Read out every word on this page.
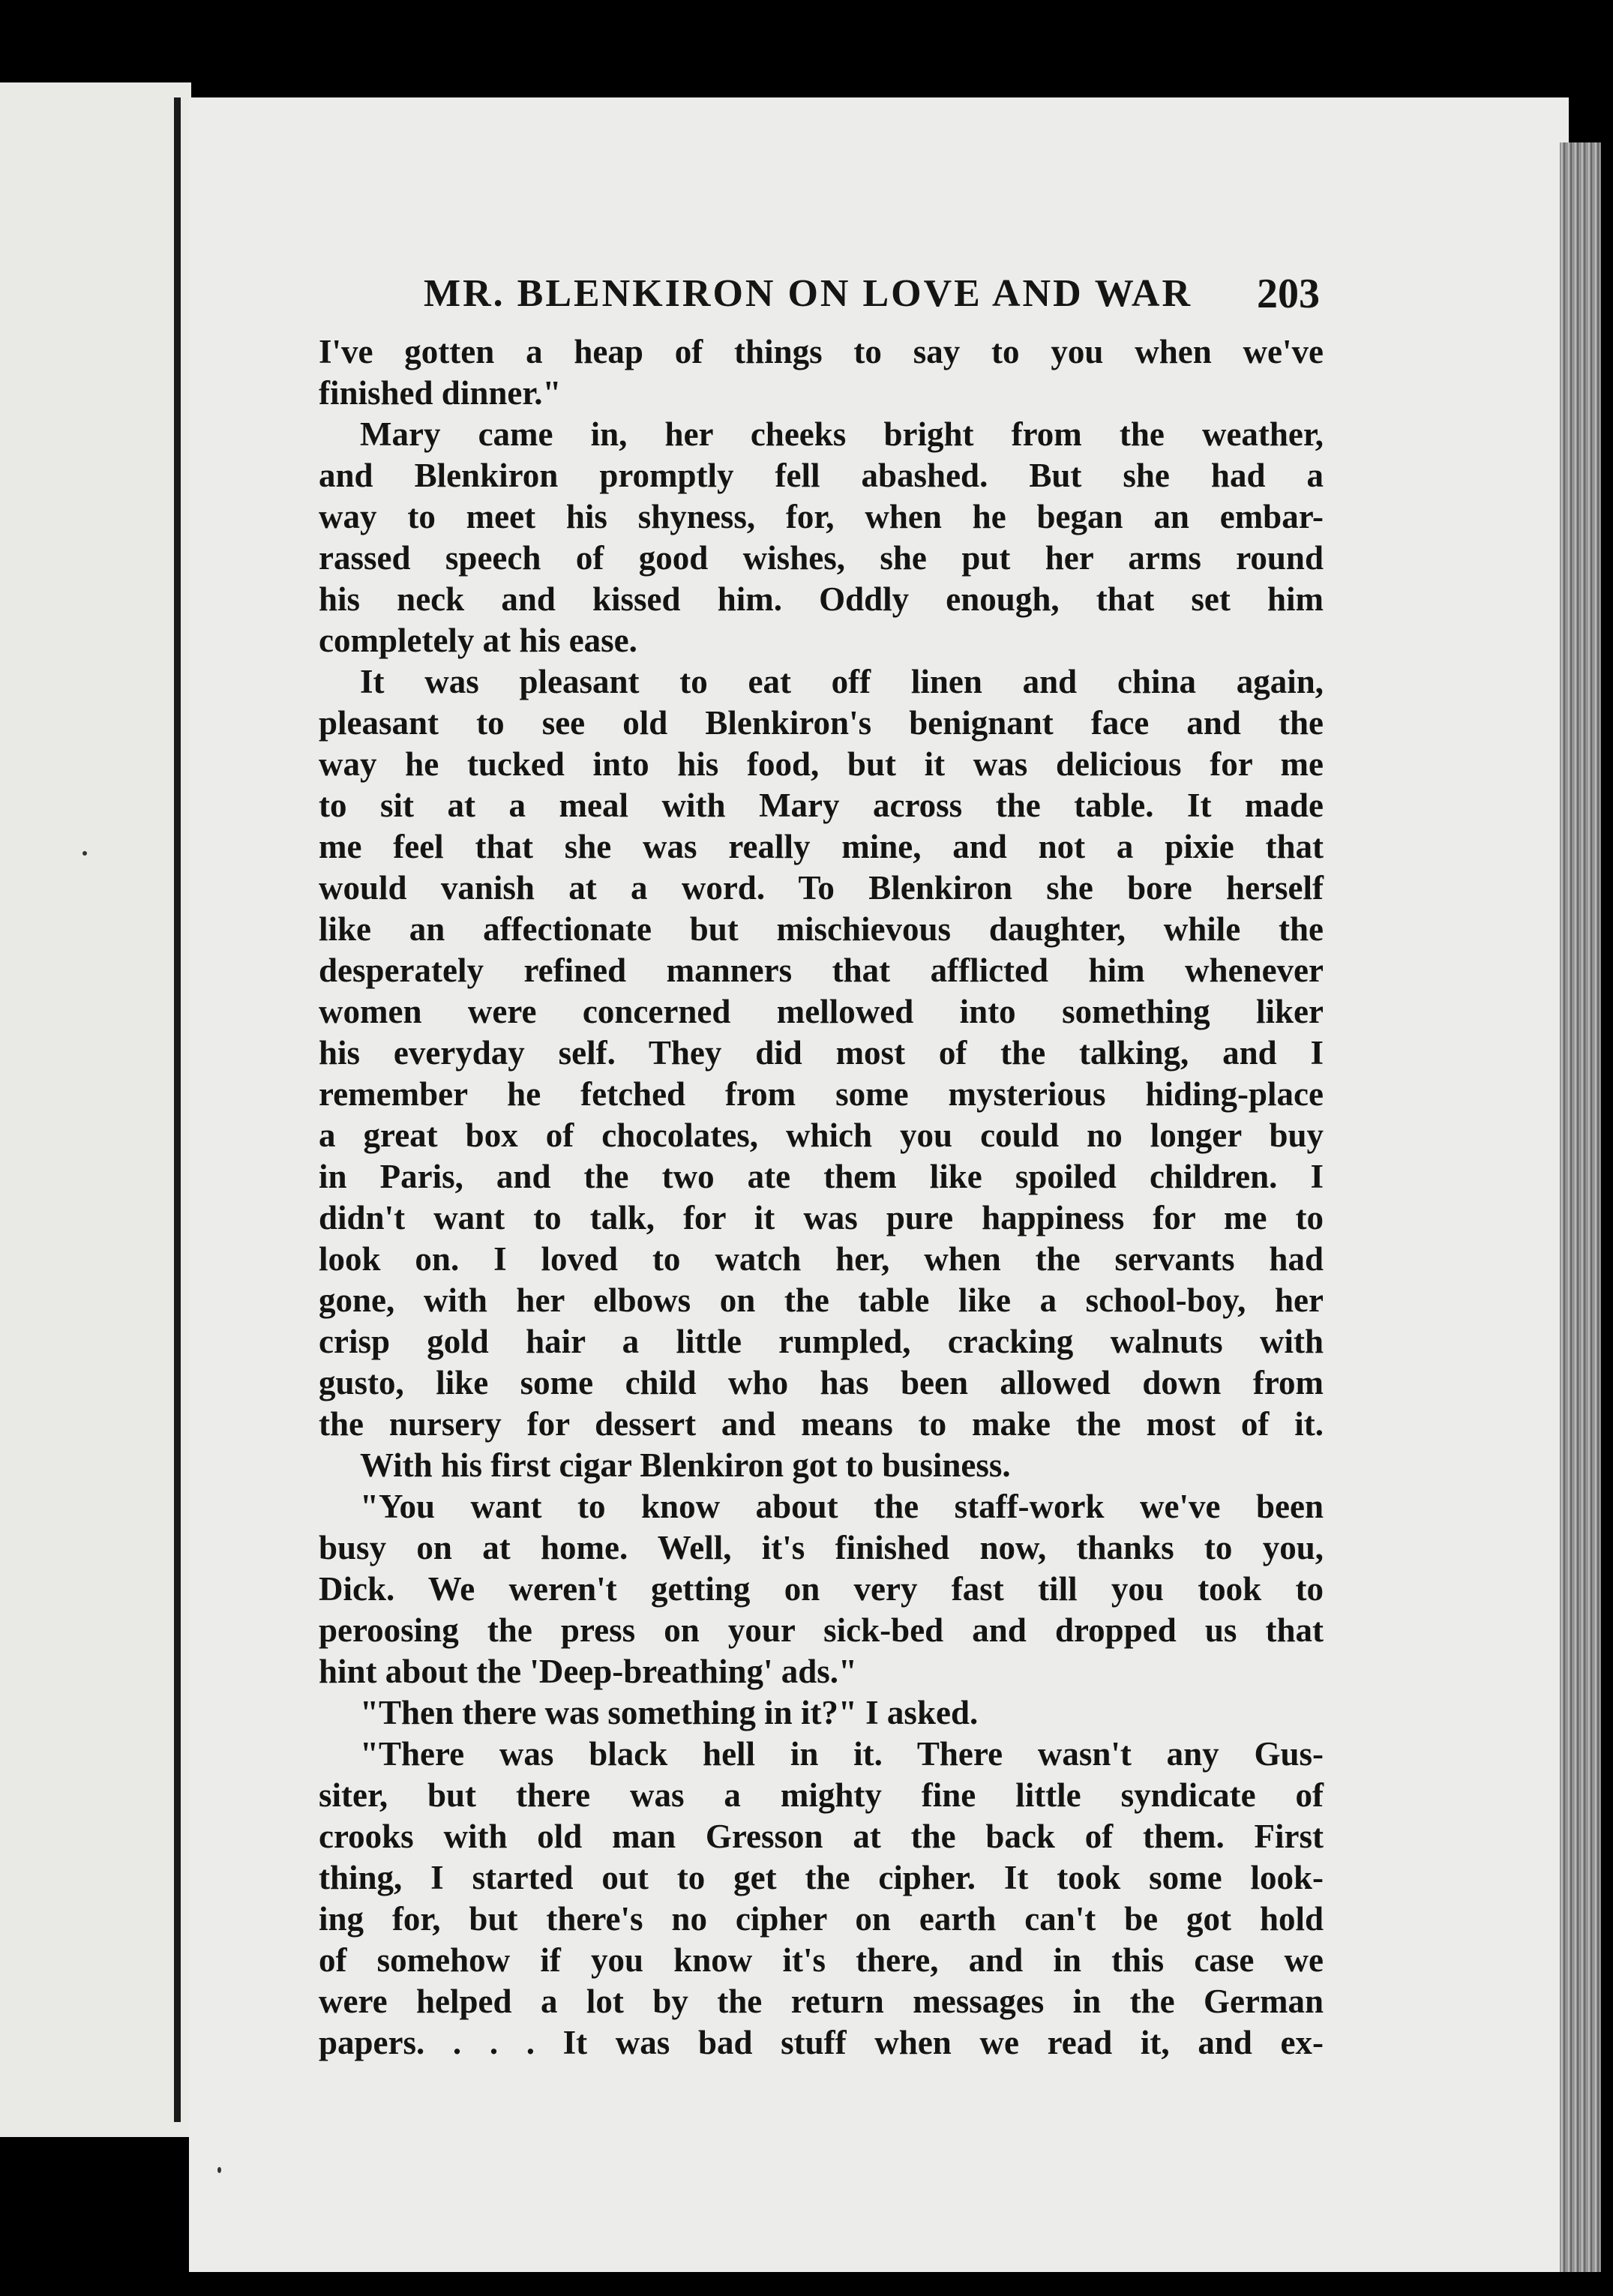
MR. BLENKIRON ON LOVE AND WAR	203
I've gotten a heap of things to say to you when we've
finished dinner."
Mary came in, her cheeks bright from the weather,
and Blenkiron promptly fell abashed. But she had a
way to meet his shyness, for, when he began an embar-
rassed speech of good wishes, she put her arms round
his neck and kissed him. Oddly enough, that set him
completely at his ease.
It was pleasant to eat off linen and china again,
pleasant to see old Blenkiron's benignant face and the
way he tucked into his food, but it was delicious for me
to sit at a meal with Mary across the table. It made
me feel that she was really mine, and not a pixie that
would vanish at a word. To Blenkiron she bore herself
like an affectionate but mischievous daughter, while the
desperately refined manners that afflicted him whenever
women were concerned mellowed into something liker
his everyday self. They did most of the talking, and I
remember he fetched from some mysterious hiding-place
a great box of chocolates, which you could no longer buy
in Paris, and the two ate them like spoiled children. I
didn't want to talk, for it was pure happiness for me to
look on. I loved to watch her, when the servants had
gone, with her elbows on the table like a school-boy, her
crisp gold hair a little rumpled, cracking walnuts with
gusto, like some child who has been allowed down from
the nursery for dessert and means to make the most of it.
With his first cigar Blenkiron got to business.
"You want to know about the staff-work we've been
busy on at home. Well, it's finished now, thanks to you,
Dick. We weren't getting on very fast till you took to
peroosing the press on your sick-bed and dropped us that
hint about the 'Deep-breathing' ads."
"Then there was something in it?" I asked.
"There was black hell in it. There wasn't any Gus-
siter, but there was a mighty fine little syndicate of
crooks with old man Gresson at the back of them. First
thing, I started out to get the cipher. It took some look-
ing for, but there's no cipher on earth can't be got hold
of somehow if you know it's there, and in this case we
were helped a lot by the return messages in the German
papers. . . . It was bad stuff when we read it, and ex-
